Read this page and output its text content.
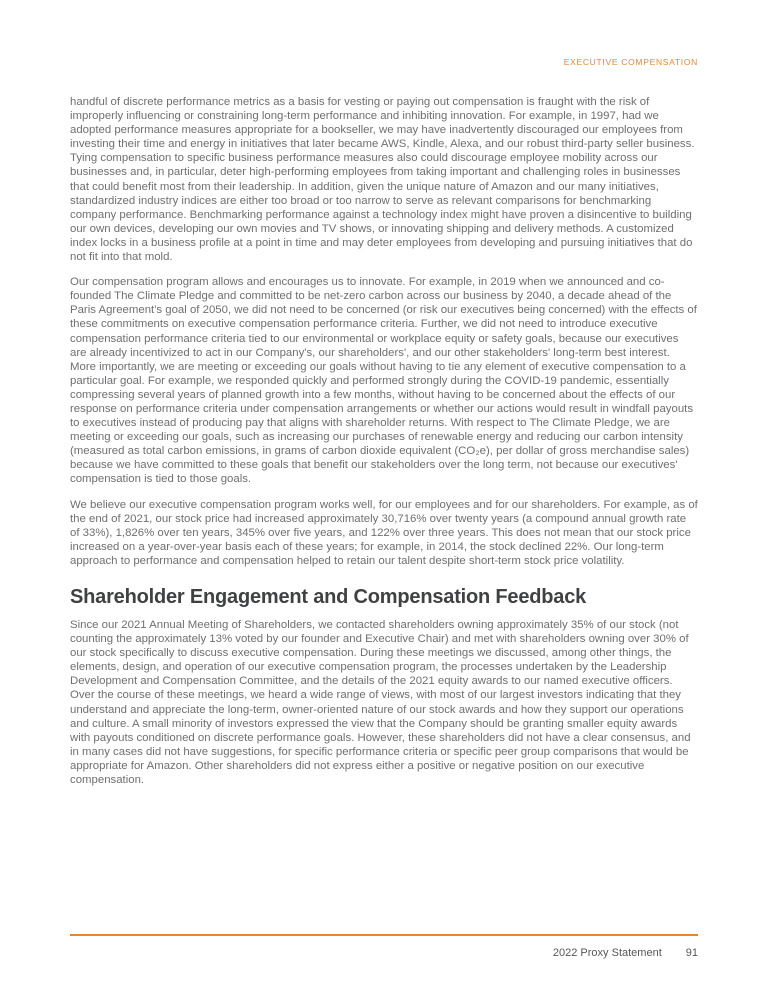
EXECUTIVE COMPENSATION

handful of discrete performance metrics as a basis for vesting or paying out compensation is fraught with the risk of improperly influencing or constraining long-term performance and inhibiting innovation. For example, in 1997, had we adopted performance measures appropriate for a bookseller, we may have inadvertently discouraged our employees from investing their time and energy in initiatives that later became AWS, Kindle, Alexa, and our robust third-party seller business. Tying compensation to specific business performance measures also could discourage employee mobility across our businesses and, in particular, deter high-performing employees from taking important and challenging roles in businesses that could benefit most from their leadership. In addition, given the unique nature of Amazon and our many initiatives, standardized industry indices are either too broad or too narrow to serve as relevant comparisons for benchmarking company performance. Benchmarking performance against a technology index might have proven a disincentive to building our own devices, developing our own movies and TV shows, or innovating shipping and delivery methods. A customized index locks in a business profile at a point in time and may deter employees from developing and pursuing initiatives that do not fit into that mold.

Our compensation program allows and encourages us to innovate. For example, in 2019 when we announced and co-founded The Climate Pledge and committed to be net-zero carbon across our business by 2040, a decade ahead of the Paris Agreement's goal of 2050, we did not need to be concerned (or risk our executives being concerned) with the effects of these commitments on executive compensation performance criteria. Further, we did not need to introduce executive compensation performance criteria tied to our environmental or workplace equity or safety goals, because our executives are already incentivized to act in our Company's, our shareholders', and our other stakeholders' long-term best interest. More importantly, we are meeting or exceeding our goals without having to tie any element of executive compensation to a particular goal. For example, we responded quickly and performed strongly during the COVID-19 pandemic, essentially compressing several years of planned growth into a few months, without having to be concerned about the effects of our response on performance criteria under compensation arrangements or whether our actions would result in windfall payouts to executives instead of producing pay that aligns with shareholder returns. With respect to The Climate Pledge, we are meeting or exceeding our goals, such as increasing our purchases of renewable energy and reducing our carbon intensity (measured as total carbon emissions, in grams of carbon dioxide equivalent (CO₂e), per dollar of gross merchandise sales) because we have committed to these goals that benefit our stakeholders over the long term, not because our executives' compensation is tied to those goals.

We believe our executive compensation program works well, for our employees and for our shareholders. For example, as of the end of 2021, our stock price had increased approximately 30,716% over twenty years (a compound annual growth rate of 33%), 1,826% over ten years, 345% over five years, and 122% over three years. This does not mean that our stock price increased on a year-over-year basis each of these years; for example, in 2014, the stock declined 22%. Our long-term approach to performance and compensation helped to retain our talent despite short-term stock price volatility.

Shareholder Engagement and Compensation Feedback

Since our 2021 Annual Meeting of Shareholders, we contacted shareholders owning approximately 35% of our stock (not counting the approximately 13% voted by our founder and Executive Chair) and met with shareholders owning over 30% of our stock specifically to discuss executive compensation. During these meetings we discussed, among other things, the elements, design, and operation of our executive compensation program, the processes undertaken by the Leadership Development and Compensation Committee, and the details of the 2021 equity awards to our named executive officers. Over the course of these meetings, we heard a wide range of views, with most of our largest investors indicating that they understand and appreciate the long-term, owner-oriented nature of our stock awards and how they support our operations and culture. A small minority of investors expressed the view that the Company should be granting smaller equity awards with payouts conditioned on discrete performance goals. However, these shareholders did not have a clear consensus, and in many cases did not have suggestions, for specific performance criteria or specific peer group comparisons that would be appropriate for Amazon. Other shareholders did not express either a positive or negative position on our executive compensation.

2022 Proxy Statement 91
